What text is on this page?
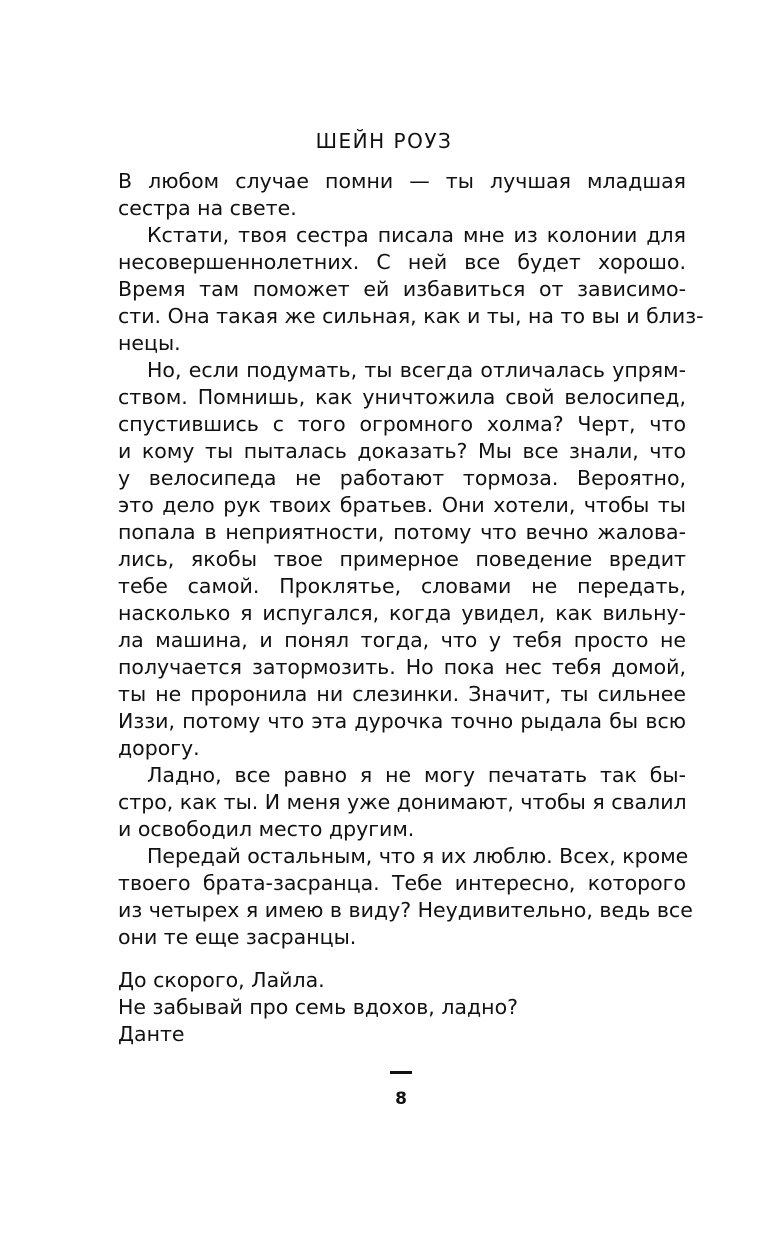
ШЕЙН РОУЗ
В любом случае помни — ты лучшая младшая
сестра на свете.
Кстати, твоя сестра писала мне из колонии для
несовершеннолетних. С ней все будет хорошо.
Время там поможет ей избавиться от зависимо-
сти. Она такая же сильная, как и ты, на то вы и близ-
нецы.
Но, если подумать, ты всегда отличалась упрям-
ством. Помнишь, как уничтожила свой велосипед,
спустившись с того огромного холма? Черт, что
и кому ты пыталась доказать? Мы все знали, что
у велосипеда не работают тормоза. Вероятно,
это дело рук твоих братьев. Они хотели, чтобы ты
попала в неприятности, потому что вечно жалова-
лись, якобы твое примерное поведение вредит
тебе самой. Проклятье, словами не передать,
насколько я испугался, когда увидел, как вильну-
ла машина, и понял тогда, что у тебя просто не
получается затормозить. Но пока нес тебя домой,
ты не проронила ни слезинки. Значит, ты сильнее
Иззи, потому что эта дурочка точно рыдала бы всю
дорогу.
Ладно, все равно я не могу печатать так бы-
стро, как ты. И меня уже донимают, чтобы я свалил
и освободил место другим.
Передай остальным, что я их люблю. Всех, кроме
твоего брата-засранца. Тебе интересно, которого
из четырех я имею в виду? Неудивительно, ведь все
они те еще засранцы.
До скорого, Лайла.
Не забывай про семь вдохов, ладно?
Данте
8
